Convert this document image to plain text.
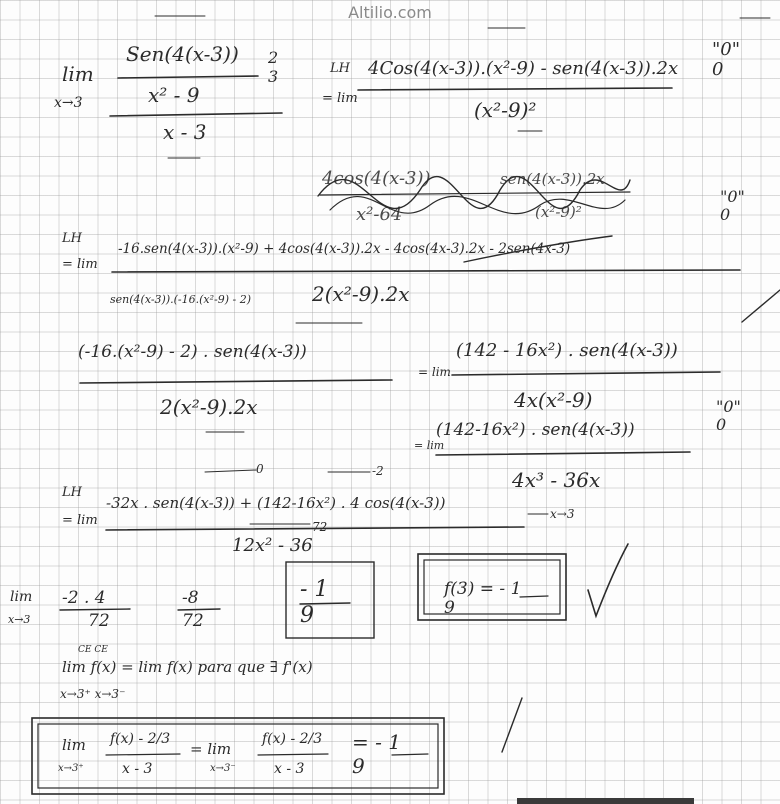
Altilio.com
lim
x→3
Sen(4(x-3))
x² - 9
2
3
x - 3
LH
= lim
4Cos(4(x-3)).(x²-9) - sen(4(x-3)).2x
(x²-9)²
"0"
0
4cos(4(x-3))	sen(4(x-3)).2x
x²-64	(x²-9)²
"0"
0
LH
= lim
-16.sen(4(x-3)).(x²-9) + 4cos(4(x-3)).2x - 4cos(4x-3).2x - 2sen(4x-3)
sen(4(x-3)).(-16.(x²-9) - 2)	2(x²-9).2x
(-16.(x²-9) - 2) . sen(4(x-3))
2(x²-9).2x
= lim
(142 - 16x²) . sen(4(x-3))
4x(x²-9)	"0"
0
= lim
(142-16x²) . sen(4(x-3))
4x³ - 36x
LH
= lim
-32x . sen(4(x-3)) + (142-16x²) . 4 cos(4(x-3))
12x² - 36
72
-2
0
x→3
lim
x→3
-2 . 4
72
-8
72
- 1
9
f(3) = - 1
9
lim f(x) = lim f(x) para que ∃ f'(x)
x→3⁺ x→3⁻
CE CE
lim
x→3⁺
f(x) - 2/3
x - 3
= lim
x→3⁻
f(x) - 2/3
x - 3
= - 1
9
